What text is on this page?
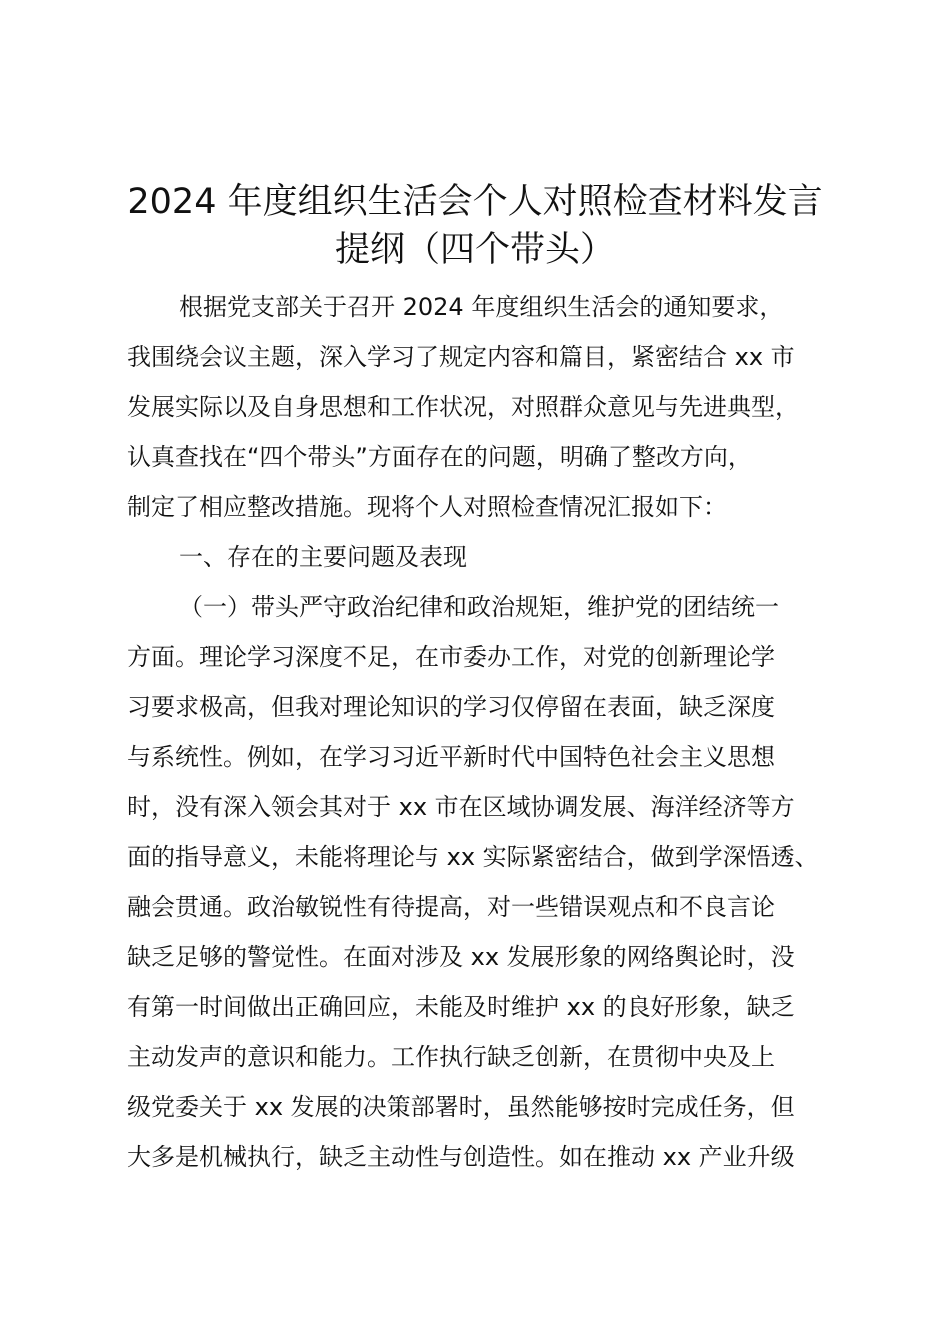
2024 年度组织生活会个人对照检查材料发言
提纲（四个带头）
根据党支部关于召开 2024 年度组织生活会的通知要求，
我围绕会议主题，深入学习了规定内容和篇目，紧密结合 xx 市
发展实际以及自身思想和工作状况，对照群众意见与先进典型，
认真查找在“四个带头”方面存在的问题，明确了整改方向，
制定了相应整改措施。现将个人对照检查情况汇报如下：
一、存在的主要问题及表现
（一）带头严守政治纪律和政治规矩，维护党的团结统一
方面。理论学习深度不足，在市委办工作，对党的创新理论学
习要求极高，但我对理论知识的学习仅停留在表面，缺乏深度
与系统性。例如，在学习习近平新时代中国特色社会主义思想
时，没有深入领会其对于 xx 市在区域协调发展、海洋经济等方
面的指导意义，未能将理论与 xx 实际紧密结合，做到学深悟透、
融会贯通。政治敏锐性有待提高，对一些错误观点和不良言论
缺乏足够的警觉性。在面对涉及 xx 发展形象的网络舆论时，没
有第一时间做出正确回应，未能及时维护 xx 的良好形象，缺乏
主动发声的意识和能力。工作执行缺乏创新，在贯彻中央及上
级党委关于 xx 发展的决策部署时，虽然能够按时完成任务，但
大多是机械执行，缺乏主动性与创造性。如在推动 xx 产业升级
